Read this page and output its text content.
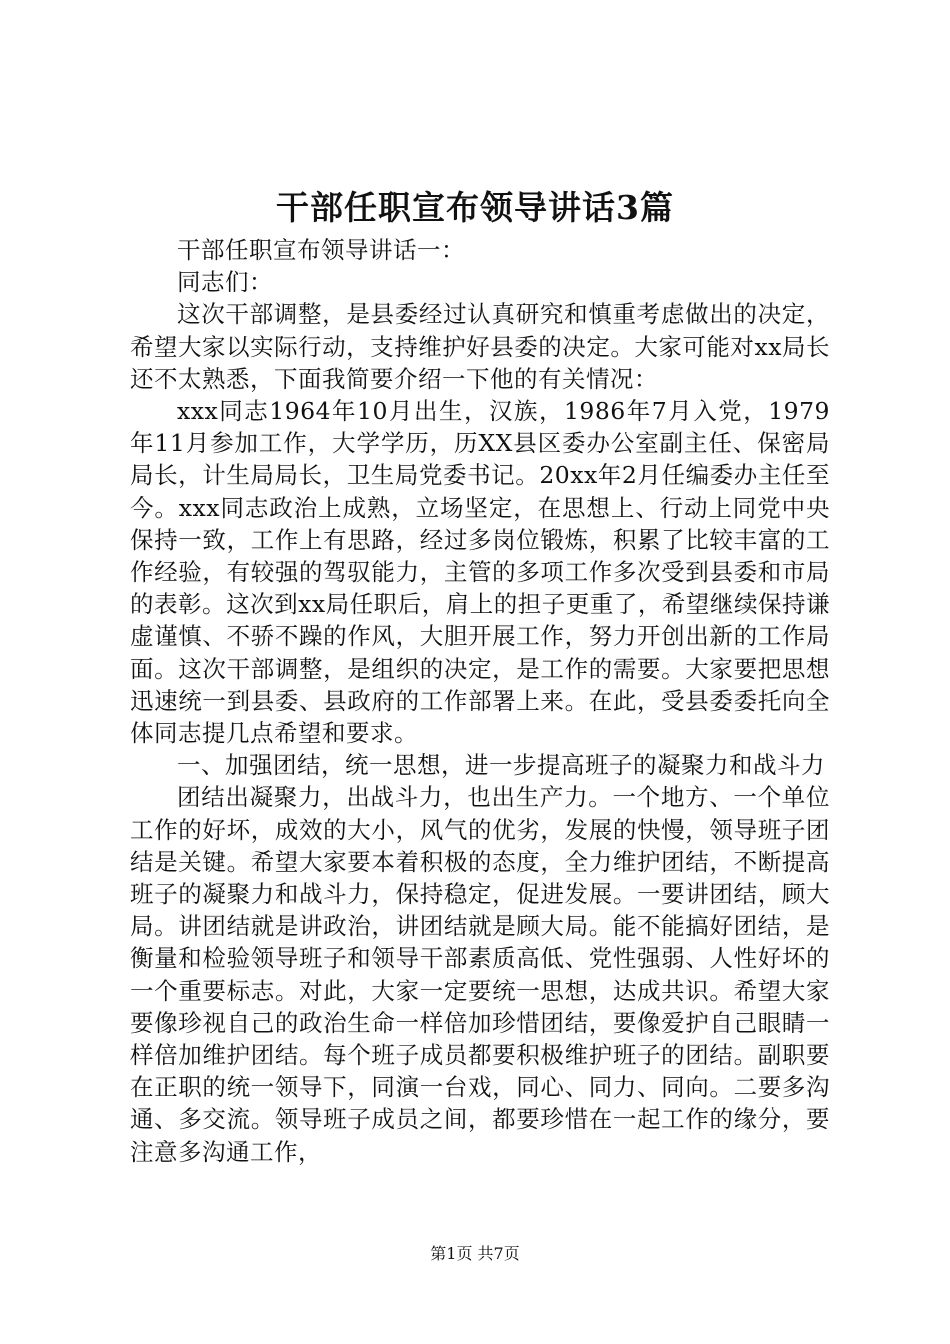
干部任职宣布领导讲话3篇

干部任职宣布领导讲话一：

同志们：

这次干部调整，是县委经过认真研究和慎重考虑做出的决定，希望大家以实际行动，支持维护好县委的决定。大家可能对xx局长还不太熟悉，下面我简要介绍一下他的有关情况：

xxx同志1964年10月出生，汉族，1986年7月入党，1979年11月参加工作，大学学历，历XX县区委办公室副主任、保密局局长，计生局局长，卫生局党委书记。20xx年2月任编委办主任至今。xxx同志政治上成熟，立场坚定，在思想上、行动上同党中央保持一致，工作上有思路，经过多岗位锻炼，积累了比较丰富的工作经验，有较强的驾驭能力，主管的多项工作多次受到县委和市局的表彰。这次到xx局任职后，肩上的担子更重了，希望继续保持谦虚谨慎、不骄不躁的作风，大胆开展工作，努力开创出新的工作局面。这次干部调整，是组织的决定，是工作的需要。大家要把思想迅速统一到县委、县政府的工作部署上来。在此，受县委委托向全体同志提几点希望和要求。

一、加强团结，统一思想，进一步提高班子的凝聚力和战斗力

团结出凝聚力，出战斗力，也出生产力。一个地方、一个单位工作的好坏，成效的大小，风气的优劣，发展的快慢，领导班子团结是关键。希望大家要本着积极的态度，全力维护团结，不断提高班子的凝聚力和战斗力，保持稳定，促进发展。一要讲团结，顾大局。讲团结就是讲政治，讲团结就是顾大局。能不能搞好团结，是衡量和检验领导班子和领导干部素质高低、党性强弱、人性好坏的一个重要标志。对此，大家一定要统一思想，达成共识。希望大家要像珍视自己的政治生命一样倍加珍惜团结，要像爱护自己眼睛一样倍加维护团结。每个班子成员都要积极维护班子的团结。副职要在正职的统一领导下，同演一台戏，同心、同力、同向。二要多沟通、多交流。领导班子成员之间，都要珍惜在一起工作的缘分，要注意多沟通工作，

第1页 共7页
